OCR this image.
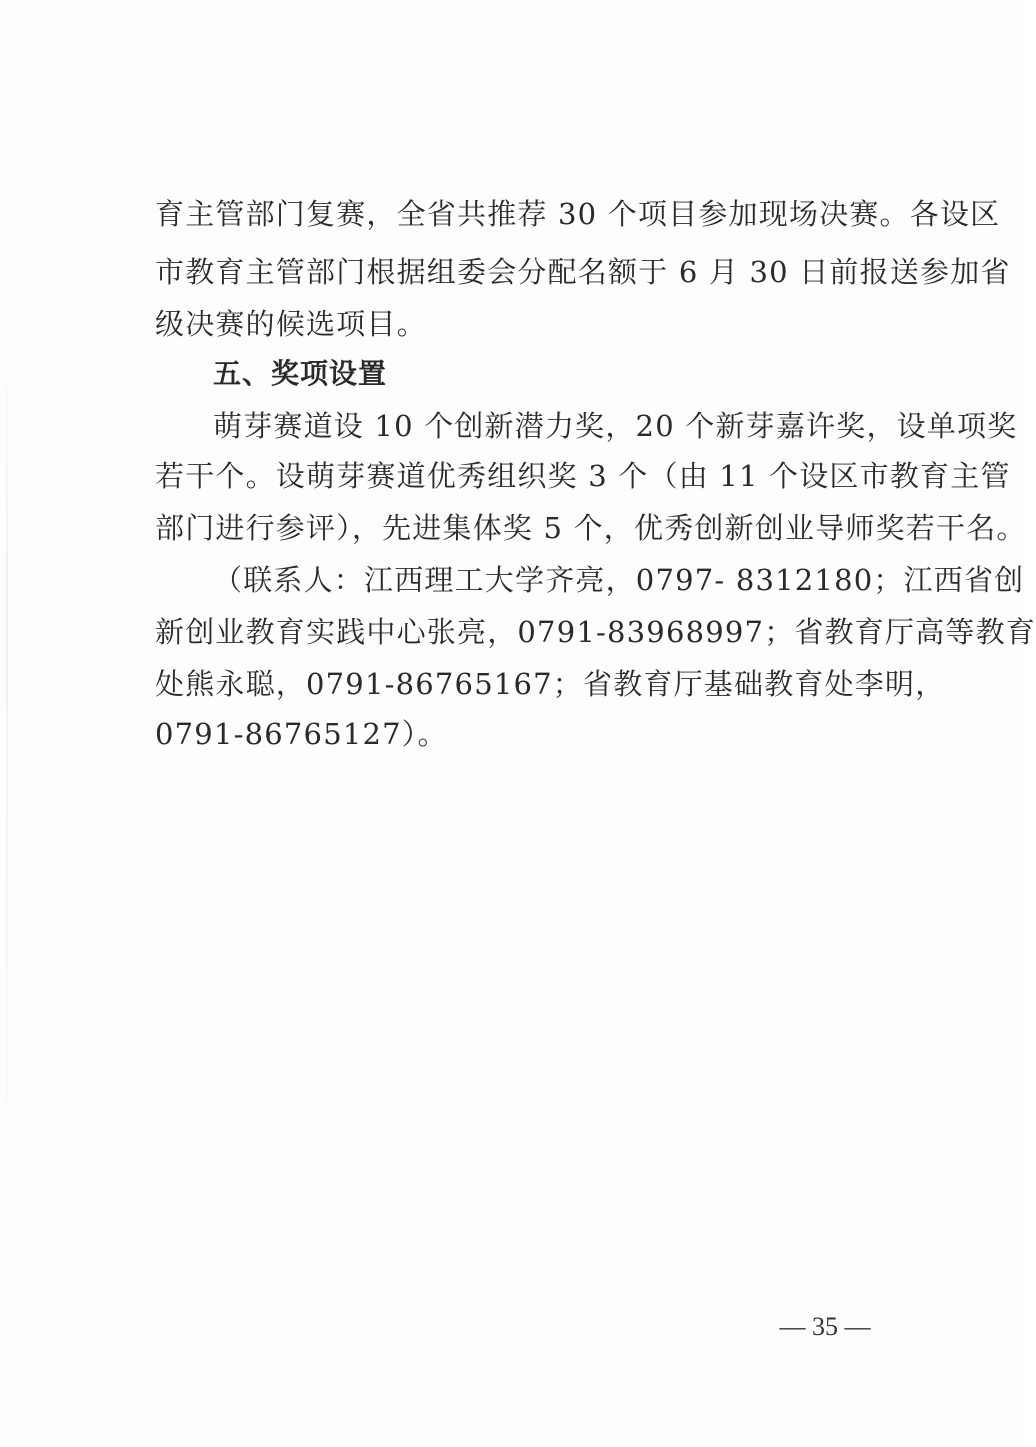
育主管部门复赛，全省共推荐 30 个项目参加现场决赛。各设区
市教育主管部门根据组委会分配名额于 6 月 30 日前报送参加省
级决赛的候选项目。
五、奖项设置
萌芽赛道设 10 个创新潜力奖，20 个新芽嘉许奖，设单项奖
若干个。设萌芽赛道优秀组织奖 3 个（由 11 个设区市教育主管
部门进行参评），先进集体奖 5 个，优秀创新创业导师奖若干名。
（联系人：江西理工大学齐亮，0797- 8312180；江西省创
新创业教育实践中心张亮，0791-83968997；省教育厅高等教育
处熊永聪，0791-86765167；省教育厅基础教育处李明，
0791-86765127）。
— 35 —
